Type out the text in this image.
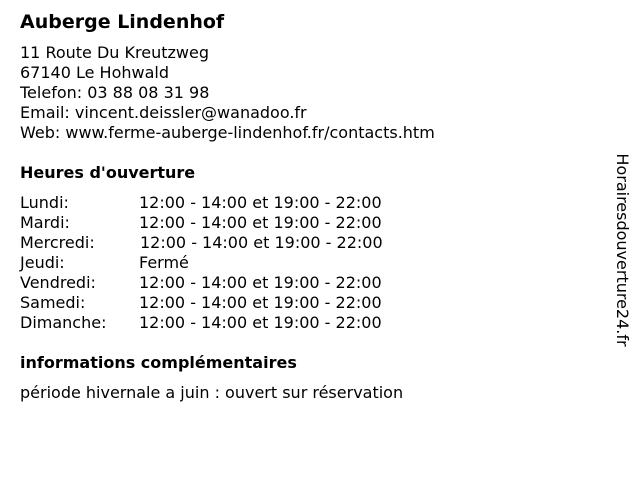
Auberge Lindenhof
11 Route Du Kreutzweg
67140 Le Hohwald
Telefon: 03 88 08 31 98
Email: vincent.deissler@wanadoo.fr
Web: www.ferme-auberge-lindenhof.fr/contacts.htm
Heures d'ouverture
Lundi:	12:00 - 14:00 et 19:00 - 22:00
Mardi:	12:00 - 14:00 et 19:00 - 22:00
Mercredi:	12:00 - 14:00 et 19:00 - 22:00
Jeudi:	Fermé
Vendredi:	12:00 - 14:00 et 19:00 - 22:00
Samedi:	12:00 - 14:00 et 19:00 - 22:00
Dimanche: 12:00 - 14:00 et 19:00 - 22:00
informations complémentaires
période hivernale a juin : ouvert sur réservation
Horairesdouverture24.fr
